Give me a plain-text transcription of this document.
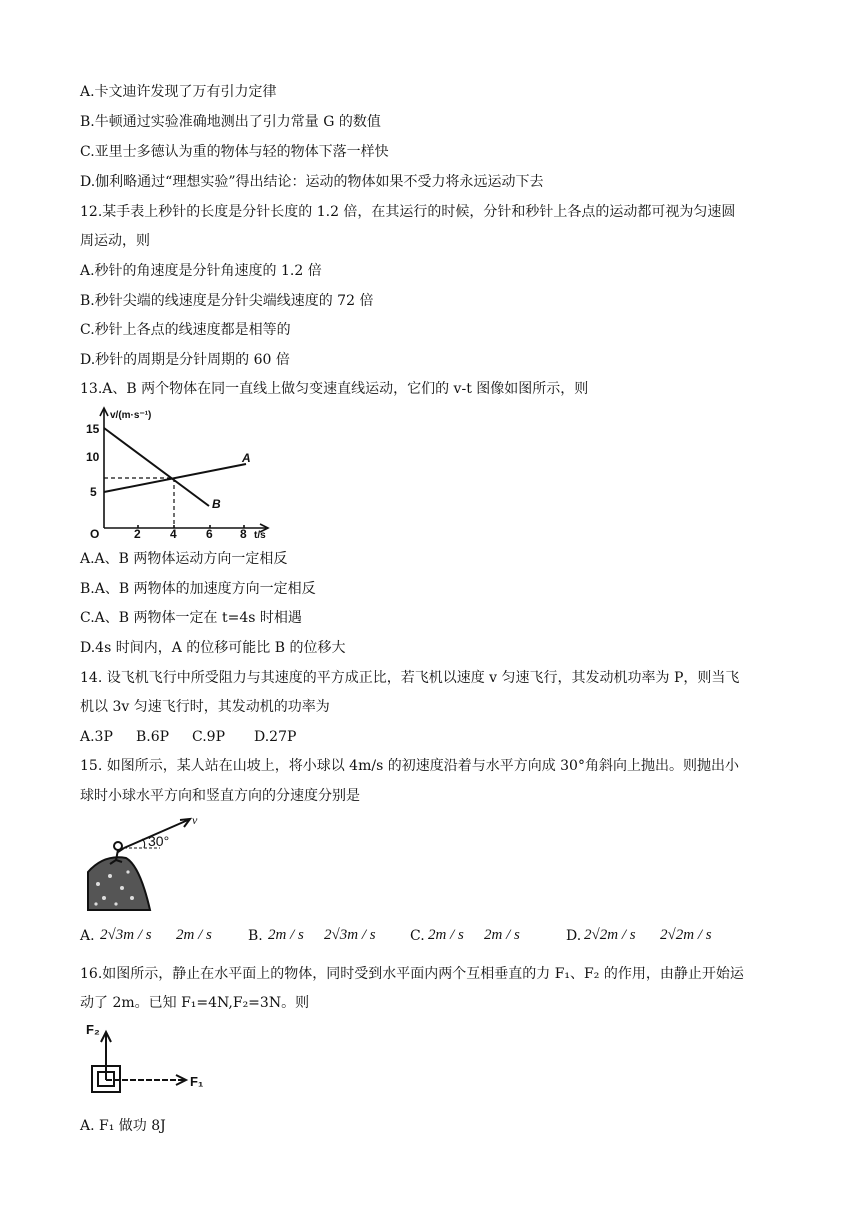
A.卡文迪许发现了万有引力定律
B.牛顿通过实验准确地测出了引力常量 G 的数值
C.亚里士多德认为重的物体与轻的物体下落一样快
D.伽利略通过“理想实验”得出结论：运动的物体如果不受力将永远运动下去
12.某手表上秒针的长度是分针长度的 1.2 倍，在其运行的时候，分针和秒针上各点的运动都可视为匀速圆
周运动，则
A.秒针的角速度是分针角速度的 1.2 倍
B.秒针尖端的线速度是分针尖端线速度的 72 倍
C.秒针上各点的线速度都是相等的
D.秒针的周期是分针周期的 60 倍
13.A、B 两个物体在同一直线上做匀变速直线运动，它们的 v-t 图像如图所示，则
v/(m·s⁻¹)
15
10
5
O	2 4 6 8 t/s
A
B
A.A、B 两物体运动方向一定相反
B.A、B 两物体的加速度方向一定相反
C.A、B 两物体一定在 t=4s 时相遇
D.4s 时间内，A 的位移可能比 B 的位移大
14. 设飞机飞行中所受阻力与其速度的平方成正比，若飞机以速度 v 匀速飞行，其发动机功率为 P，则当飞
机以 3v 匀速飞行时，其发动机的功率为
A.3P B.6P C.9P D.27P
15. 如图所示，某人站在山坡上，将小球以 4m/s 的初速度沿着与水平方向成 30°角斜向上抛出。则抛出小
球时小球水平方向和竖直方向的分速度分别是
v
30°
A. 2√3m / s 2m / s	B. 2m / s 2√3m / s C. 2m / s 2m / s	D. 2√2m / s 2√2m / s
16.如图所示，静止在水平面上的物体，同时受到水平面内两个互相垂直的力 F₁、F₂ 的作用，由静止开始运
动了 2m。已知 F₁=4N,F₂=3N。则
F₂
F₁
A. F₁ 做功 8J
